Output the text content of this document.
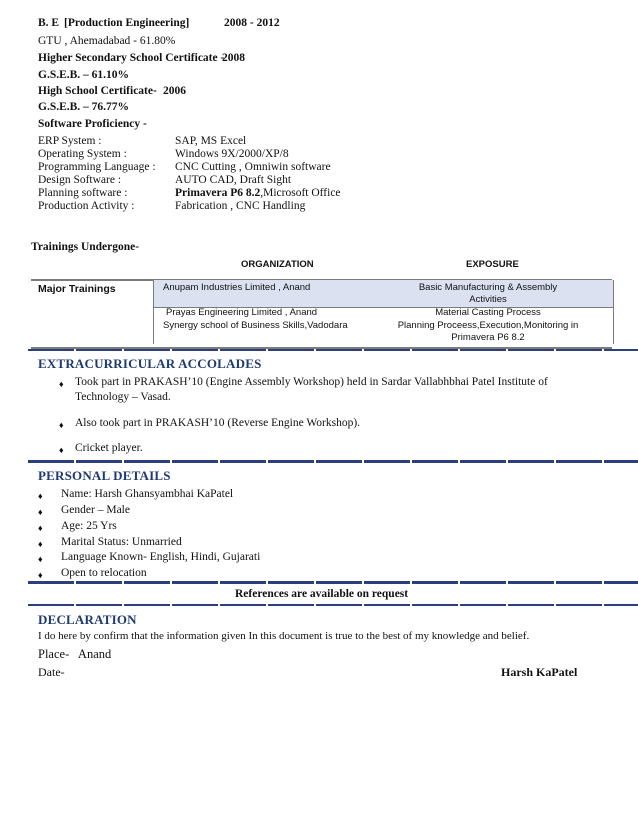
B. E [Production Engineering]	2008 - 2012
GTU , Ahemadabad - 61.80%
Higher Secondary School Certificate -
2008
G.S.E.B. – 61.10%
High School Certificate- 2006
G.S.E.B. – 76.77%
Software Proficiency -
ERP System :	SAP, MS Excel
Operating System :	Windows 9X/2000/XP/8
Programming Language : CNC Cutting , Omniwin software
Design Software :	AUTO CAD, Draft Sight
Planning software :	Primavera P6 8.2,Microsoft Office
Production Activity :	Fabrication , CNC Handling
Trainings Undergone-
ORGANIZATION	EXPOSURE
Major Trainings	Anupam Industries Limited , Anand	Basic Manufacturing & Assembly
Activities
Prayas Engineering Limited , Anand	Material Casting Process
Synergy school of Business Skills,Vadodara	Planning Proceess,Execution,Monitoring in
Primavera P6 8.2
EXTRACURRICULAR ACCOLADES
♦ Took part in PRAKASH’10 (Engine Assembly Workshop) held in Sardar Vallabhbhai Patel Institute of
Technology – Vasad.
♦ Also took part in PRAKASH’10 (Reverse Engine Workshop).
♦ Cricket player.
PERSONAL DETAILS
♦ Name: Harsh Ghansyambhai KaPatel
♦ Gender – Male
♦ Age: 25 Yrs
♦ Marital Status: Unmarried
♦ Language Known- English, Hindi, Gujarati
♦ Open to relocation
References are available on request
DECLARATION
I do here by confirm that the information given In this document is true to the best of my knowledge and belief.
Place-   Anand
Date-	Harsh KaPatel
